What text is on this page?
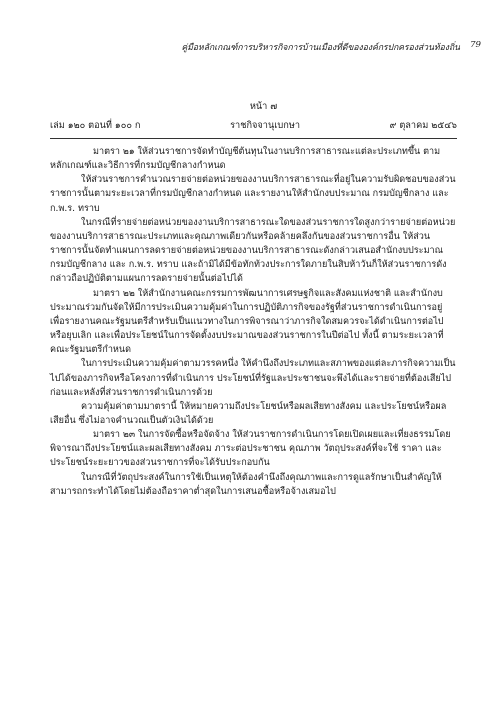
คู่มือหลักเกณฑ์การบริหารกิจการบ้านเมืองที่ดีขององค์กรปกครองส่วนท้องถิ่น 79
หน้า ๗
เล่ม ๑๒๐ ตอนที่ ๑๐๐ ก	ราชกิจจานุเบกษา	๙ ตุลาคม ๒๕๔๖

มาตรา ๒๑ ให้ส่วนราชการจัดทำบัญชีต้นทุนในงานบริการสาธารณะแต่ละประเภทขึ้น ตามหลักเกณฑ์และวิธีการที่กรมบัญชีกลางกำหนด

ให้ส่วนราชการคำนวณรายจ่ายต่อหน่วยของงานบริการสาธารณะที่อยู่ในความรับผิดชอบของส่วนราชการนั้นตามระยะเวลาที่กรมบัญชีกลางกำหนด และรายงานให้สำนักงบประมาณ กรมบัญชีกลาง และ ก.พ.ร. ทราบ

ในกรณีที่รายจ่ายต่อหน่วยของงานบริการสาธารณะใดของส่วนราชการใดสูงกว่ารายจ่ายต่อหน่วยของงานบริการสาธารณะประเภทและคุณภาพเดียวกันหรือคล้ายคลึงกันของส่วนราชการอื่น ให้ส่วนราชการนั้นจัดทำแผนการลดรายจ่ายต่อหน่วยของงานบริการสาธารณะดังกล่าวเสนอสำนักงบประมาณ กรมบัญชีกลาง และ ก.พ.ร. ทราบ และถ้ามิได้มีข้อทักท้วงประการใดภายในสิบห้าวันก็ให้ส่วนราชการดังกล่าวถือปฏิบัติตามแผนการลดรายจ่ายนั้นต่อไปได้

มาตรา ๒๒ ให้สำนักงานคณะกรรมการพัฒนาการเศรษฐกิจและสังคมแห่งชาติ และสำนักงบประมาณร่วมกันจัดให้มีการประเมินความคุ้มค่าในการปฏิบัติภารกิจของรัฐที่ส่วนราชการดำเนินการอยู่ เพื่อรายงานคณะรัฐมนตรีสำหรับเป็นแนวทางในการพิจารณาว่าภารกิจใดสมควรจะได้ดำเนินการต่อไปหรือยุบเลิก และเพื่อประโยชน์ในการจัดตั้งงบประมาณของส่วนราชการในปีต่อไป ทั้งนี้ ตามระยะเวลาที่คณะรัฐมนตรีกำหนด

ในการประเมินความคุ้มค่าตามวรรคหนึ่ง ให้คำนึงถึงประเภทและสภาพของแต่ละภารกิจความเป็นไปได้ของภารกิจหรือโครงการที่ดำเนินการ ประโยชน์ที่รัฐและประชาชนจะพึงได้และรายจ่ายที่ต้องเสียไปก่อนและหลังที่ส่วนราชการดำเนินการด้วย

ความคุ้มค่าตามมาตรานี้ ให้หมายความถึงประโยชน์หรือผลเสียทางสังคม และประโยชน์หรือผลเสียอื่น ซึ่งไม่อาจคำนวณเป็นตัวเงินได้ด้วย

มาตรา ๒๓ ในการจัดซื้อหรือจัดจ้าง ให้ส่วนราชการดำเนินการโดยเปิดเผยและเที่ยงธรรมโดยพิจารณาถึงประโยชน์และผลเสียทางสังคม ภาระต่อประชาชน คุณภาพ วัตถุประสงค์ที่จะใช้ ราคา และประโยชน์ระยะยาวของส่วนราชการที่จะได้รับประกอบกัน

ในกรณีที่วัตถุประสงค์ในการใช้เป็นเหตุให้ต้องคำนึงถึงคุณภาพและการดูแลรักษาเป็นสำคัญให้สามารถกระทำได้โดยไม่ต้องถือราคาต่ำสุดในการเสนอซื้อหรือจ้างเสมอไป
